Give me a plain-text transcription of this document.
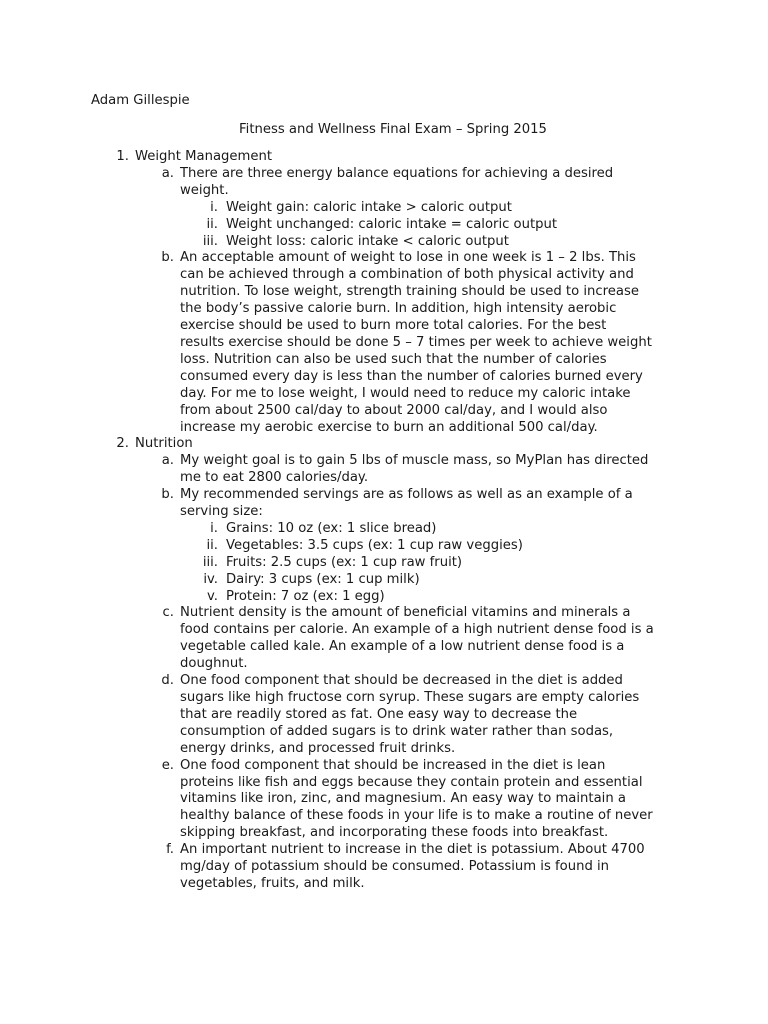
Adam Gillespie
Fitness and Wellness Final Exam – Spring 2015
1. Weight Management
a. There are three energy balance equations for achieving a desired
weight.
i. Weight gain: caloric intake > caloric output
ii. Weight unchanged: caloric intake = caloric output
iii. Weight loss: caloric intake < caloric output
b. An acceptable amount of weight to lose in one week is 1 – 2 lbs. This
can be achieved through a combination of both physical activity and
nutrition. To lose weight, strength training should be used to increase
the body’s passive calorie burn. In addition, high intensity aerobic
exercise should be used to burn more total calories. For the best
results exercise should be done 5 – 7 times per week to achieve weight
loss. Nutrition can also be used such that the number of calories
consumed every day is less than the number of calories burned every
day. For me to lose weight, I would need to reduce my caloric intake
from about 2500 cal/day to about 2000 cal/day, and I would also
increase my aerobic exercise to burn an additional 500 cal/day.
2. Nutrition
a. My weight goal is to gain 5 lbs of muscle mass, so MyPlan has directed
me to eat 2800 calories/day.
b. My recommended servings are as follows as well as an example of a
serving size:
i. Grains: 10 oz (ex: 1 slice bread)
ii. Vegetables: 3.5 cups (ex: 1 cup raw veggies)
iii. Fruits: 2.5 cups (ex: 1 cup raw fruit)
iv. Dairy: 3 cups (ex: 1 cup milk)
v. Protein: 7 oz (ex: 1 egg)
c. Nutrient density is the amount of beneficial vitamins and minerals a
food contains per calorie. An example of a high nutrient dense food is a
vegetable called kale. An example of a low nutrient dense food is a
doughnut.
d. One food component that should be decreased in the diet is added
sugars like high fructose corn syrup. These sugars are empty calories
that are readily stored as fat. One easy way to decrease the
consumption of added sugars is to drink water rather than sodas,
energy drinks, and processed fruit drinks.
e. One food component that should be increased in the diet is lean
proteins like fish and eggs because they contain protein and essential
vitamins like iron, zinc, and magnesium. An easy way to maintain a
healthy balance of these foods in your life is to make a routine of never
skipping breakfast, and incorporating these foods into breakfast.
f. An important nutrient to increase in the diet is potassium. About 4700
mg/day of potassium should be consumed. Potassium is found in
vegetables, fruits, and milk.
